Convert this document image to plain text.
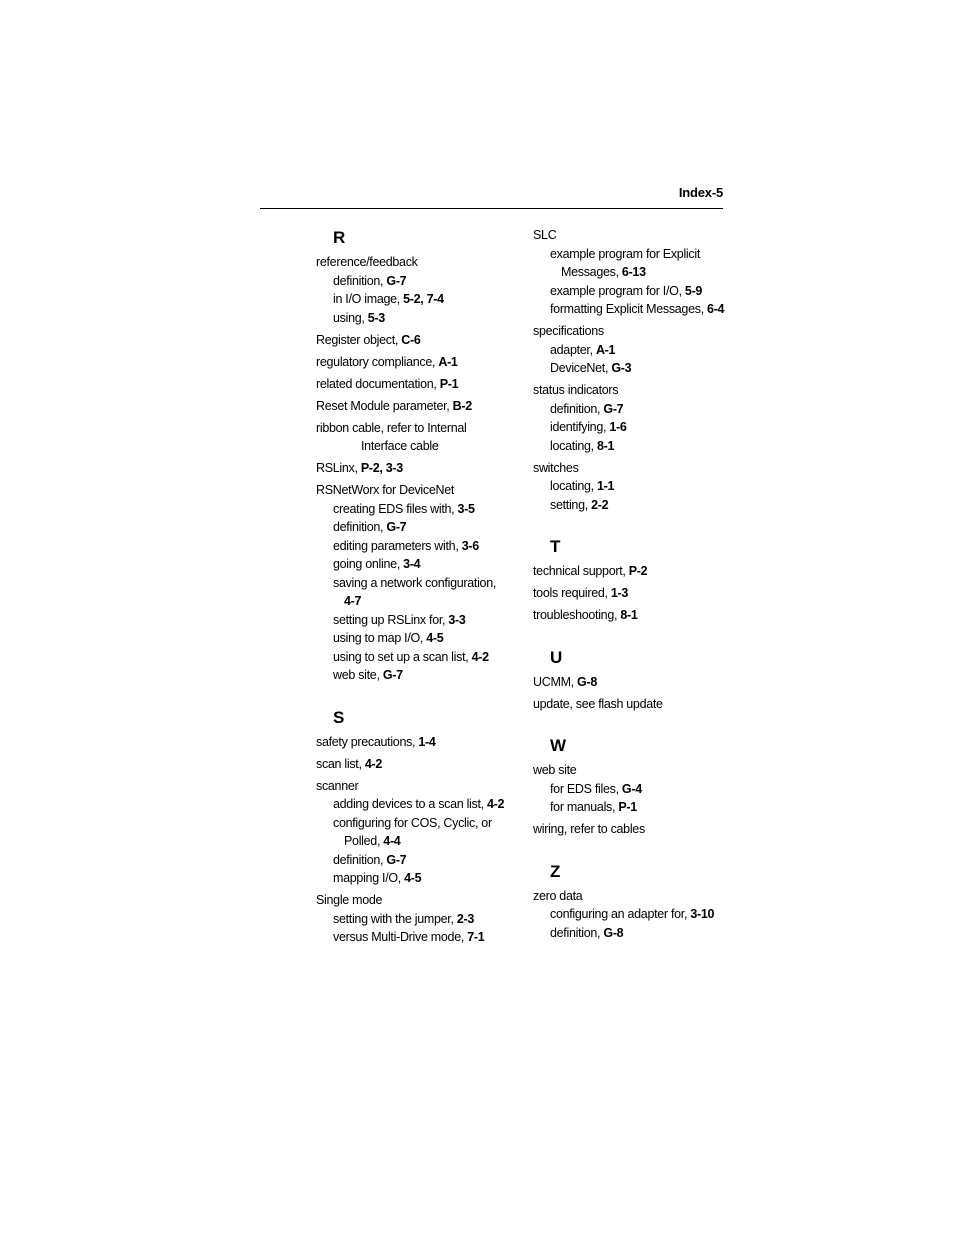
Index-5
R
reference/feedback
definition, G-7
in I/O image, 5-2, 7-4
using, 5-3
Register object, C-6
regulatory compliance, A-1
related documentation, P-1
Reset Module parameter, B-2
ribbon cable, refer to Internal
Interface cable
RSLinx, P-2, 3-3
RSNetWorx for DeviceNet
creating EDS files with, 3-5
definition, G-7
editing parameters with, 3-6
going online, 3-4
saving a network configuration,
4-7
setting up RSLinx for, 3-3
using to map I/O, 4-5
using to set up a scan list, 4-2
web site, G-7
S
safety precautions, 1-4
scan list, 4-2
scanner
adding devices to a scan list, 4-2
configuring for COS, Cyclic, or
Polled, 4-4
definition, G-7
mapping I/O, 4-5
Single mode
setting with the jumper, 2-3
versus Multi-Drive mode, 7-1
SLC
example program for Explicit
Messages, 6-13
example program for I/O, 5-9
formatting Explicit Messages, 6-4
specifications
adapter, A-1
DeviceNet, G-3
status indicators
definition, G-7
identifying, 1-6
locating, 8-1
switches
locating, 1-1
setting, 2-2
T
technical support, P-2
tools required, 1-3
troubleshooting, 8-1
U
UCMM, G-8
update, see flash update
W
web site
for EDS files, G-4
for manuals, P-1
wiring, refer to cables
Z
zero data
configuring an adapter for, 3-10
definition, G-8
